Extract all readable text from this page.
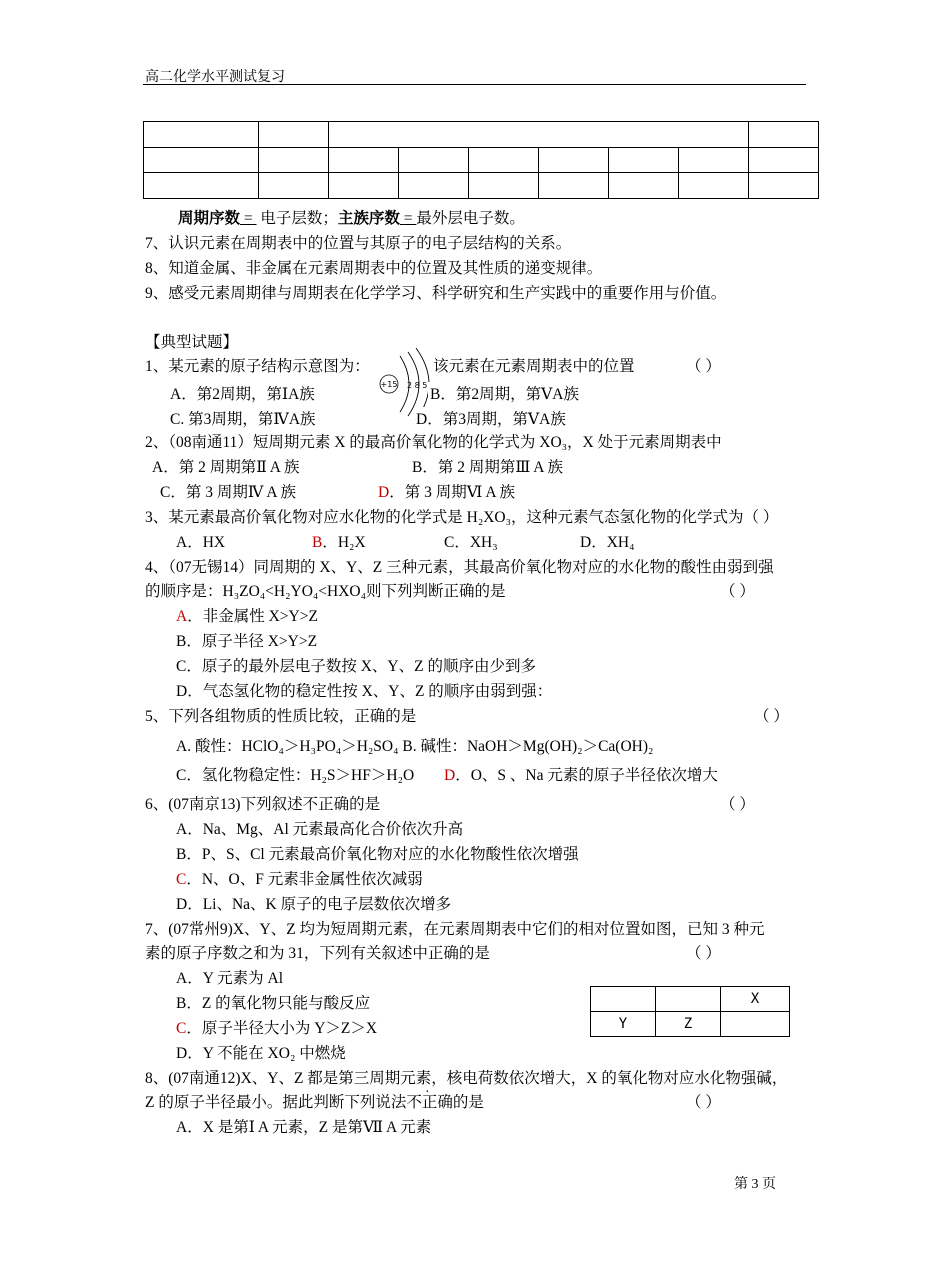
高二化学水平测试复习

周期序数 = 电子层数；主族序数 = 最外层电子数。
7、认识元素在周期表中的位置与其原子的电子层结构的关系。
8、知道金属、非金属在元素周期表中的位置及其性质的递变规律。
9、感受元素周期律与周期表在化学学习、科学研究和生产实践中的重要作用与价值。
【典型试题】
1、某元素的原子结构示意图为：	该元素在元素周期表中的位置	（ ）
+15 2 8 5
A．第2周期，第ⅠA族	B．第2周期，第ⅤA族
C. 第3周期，第ⅣA族	D．第3周期，第ⅤA族
2、（08南通11）短周期元素 X 的最高价氧化物的化学式为 XO₃，X 处于元素周期表中
A．第 2 周期第Ⅱ A 族	B．第 2 周期第Ⅲ A 族
C．第 3 周期Ⅳ A 族	D．第 3 周期Ⅵ A 族
3、某元素最高价氧化物对应水化物的化学式是 H₂XO₃，这种元素气态氢化物的化学式为（ ）
A．HX	B．H₂X	C．XH₃	D．XH₄
4、（07无锡14）同周期的 X、Y、Z 三种元素，其最高价氧化物对应的水化物的酸性由弱到强
的顺序是：H₃ZO₄<H₂YO₄<HXO₄则下列判断正确的是	（ ）
A．非金属性 X>Y>Z
B．原子半径 X>Y>Z
C．原子的最外层电子数按 X、Y、Z 的顺序由少到多
D．气态氢化物的稳定性按 X、Y、Z 的顺序由弱到强：
5、下列各组物质的性质比较，正确的是	（ ）
A. 酸性：HClO₄＞H₃PO₄＞H₂SO₄ B. 碱性：NaOH＞Mg(OH)₂＞Ca(OH)₂
C．氢化物稳定性：H₂S＞HF＞H₂O D．O、S 、Na 元素的原子半径依次增大
6、(07南京13)下列叙述不正确的是	（ ）
A．Na、Mg、Al 元素最高化合价依次升高
B．P、S、Cl 元素最高价氧化物对应的水化物酸性依次增强
C．N、O、F 元素非金属性依次减弱
D．Li、Na、K 原子的电子层数依次增多
7、(07常州9)X、Y、Z 均为短周期元素，在元素周期表中它们的相对位置如图，已知 3 种元
素的原子序数之和为 31，下列有关叙述中正确的是	（ ）
A．Y 元素为 Al
B．Z 的氧化物只能与酸反应
C．原子半径大小为 Y＞Z＞X
D．Y 不能在 XO₂ 中燃烧
		X
Y	Z	
8、(07南通12)X、Y、Z 都是第三周期元素，核电荷数依次增大，X 的氧化物对应水化物强碱，
Z 的原子半径最小。据此判断下列说法不正确的是	（ ）
A．X 是第Ⅰ A 元素，Z 是第Ⅶ A 元素
第 3 页
